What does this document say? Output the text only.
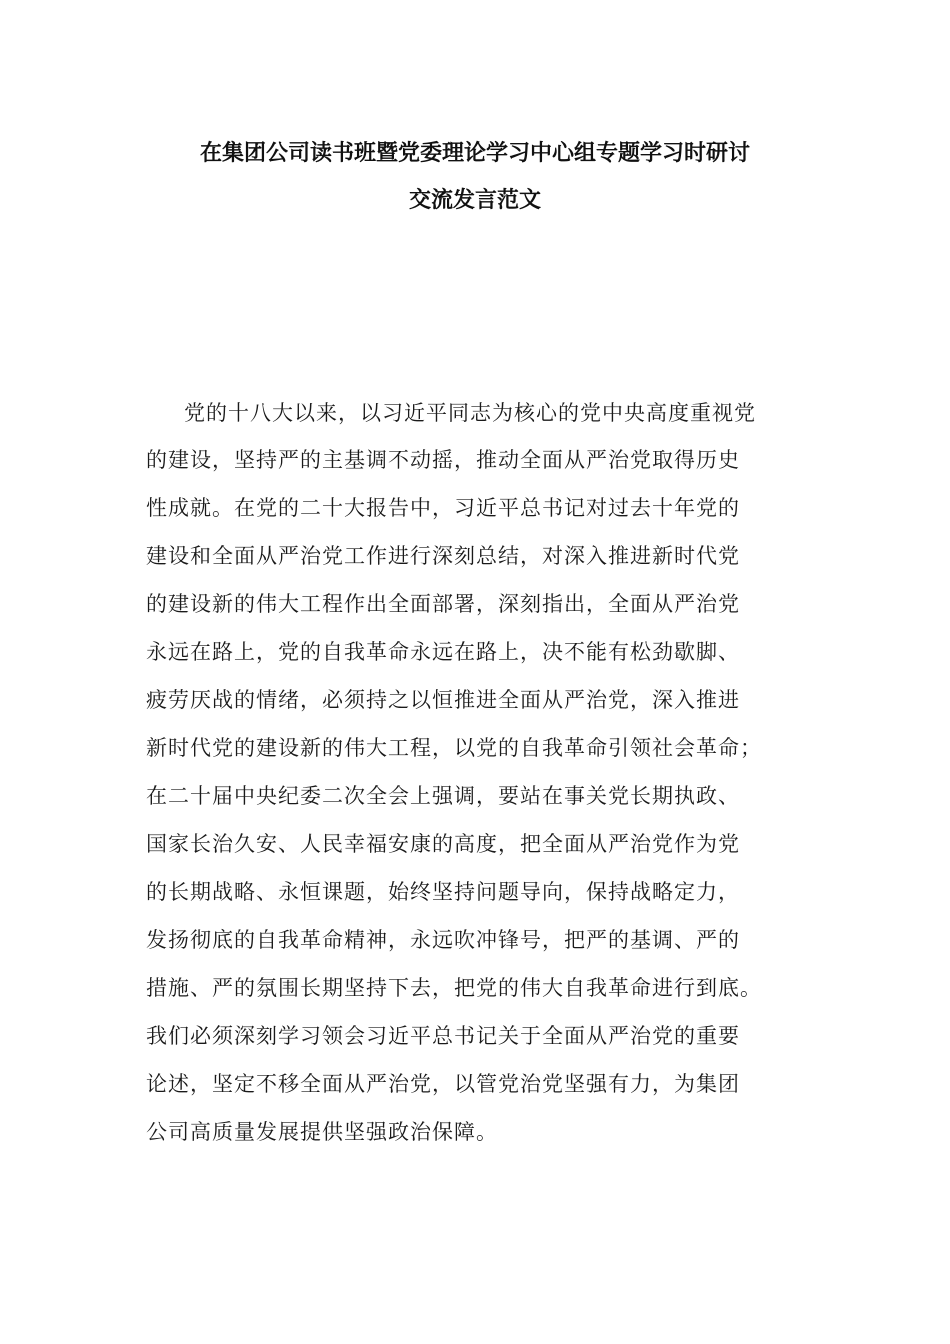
在集团公司读书班暨党委理论学习中心组专题学习时研讨
交流发言范文

党的十八大以来，以习近平同志为核心的党中央高度重视党

的建设，坚持严的主基调不动摇，推动全面从严治党取得历史

性成就。在党的二十大报告中，习近平总书记对过去十年党的

建设和全面从严治党工作进行深刻总结，对深入推进新时代党

的建设新的伟大工程作出全面部署，深刻指出，全面从严治党

永远在路上，党的自我革命永远在路上，决不能有松劲歇脚、

疲劳厌战的情绪，必须持之以恒推进全面从严治党，深入推进

新时代党的建设新的伟大工程，以党的自我革命引领社会革命；

在二十届中央纪委二次全会上强调，要站在事关党长期执政、

国家长治久安、人民幸福安康的高度，把全面从严治党作为党

的长期战略、永恒课题，始终坚持问题导向，保持战略定力，

发扬彻底的自我革命精神，永远吹冲锋号，把严的基调、严的

措施、严的氛围长期坚持下去，把党的伟大自我革命进行到底。

我们必须深刻学习领会习近平总书记关于全面从严治党的重要

论述，坚定不移全面从严治党，以管党治党坚强有力，为集团

公司高质量发展提供坚强政治保障。
